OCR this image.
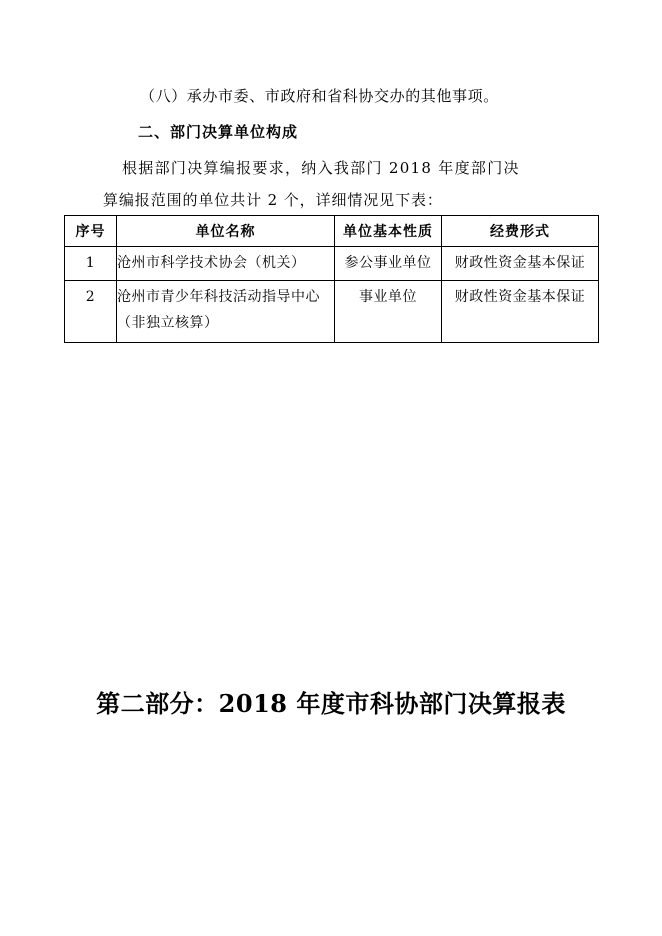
（八）承办市委、市政府和省科协交办的其他事项。
二、部门决算单位构成
根据部门决算编报要求，纳入我部门 2018 年度部门决
算编报范围的单位共计 2 个，详细情况见下表：
序号	单位名称	单位基本性质	经费形式
1	沧州市科学技术协会（机关）	参公事业单位	财政性资金基本保证
2	沧州市青少年科技活动指导中心（非独立核算）	事业单位	财政性资金基本保证
第二部分：2018 年度市科协部门决算报表
